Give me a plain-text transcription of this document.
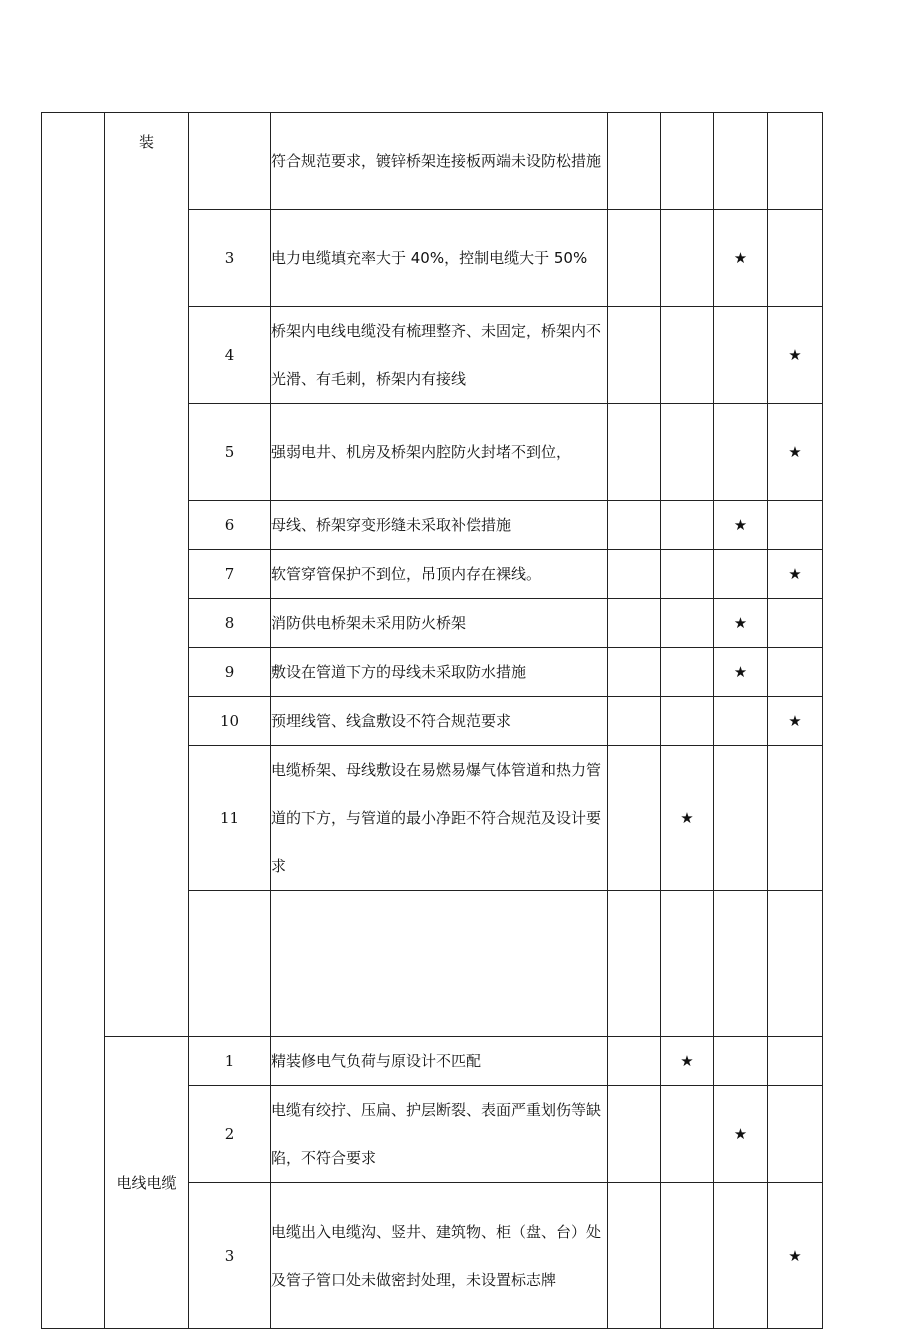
	装		符合规范要求，镀锌桥架连接板两端未设防松措施				
		3	电力电缆填充率大于 40%，控制电缆大于 50%			★	
		4	桥架内电线电缆没有梳理整齐、未固定，桥架内不光滑、有毛刺，桥架内有接线				★
		5	强弱电井、机房及桥架内腔防火封堵不到位，				★
		6	母线、桥架穿变形缝未采取补偿措施			★	
		7	软管穿管保护不到位，吊顶内存在裸线。				★
		8	消防供电桥架未采用防火桥架			★	
		9	敷设在管道下方的母线未采取防水措施			★	
		10	预埋线管、线盒敷设不符合规范要求				★
		11	电缆桥架、母线敷设在易燃易爆气体管道和热力管道的下方，与管道的最小净距不符合规范及设计要求		★		

	电线电缆	1	精装修电气负荷与原设计不匹配		★		
		2	电缆有绞拧、压扁、护层断裂、表面严重划伤等缺陷，不符合要求			★	
		3	电缆出入电缆沟、竖井、建筑物、柜（盘、台）处及管子管口处未做密封处理，未设置标志牌				★
